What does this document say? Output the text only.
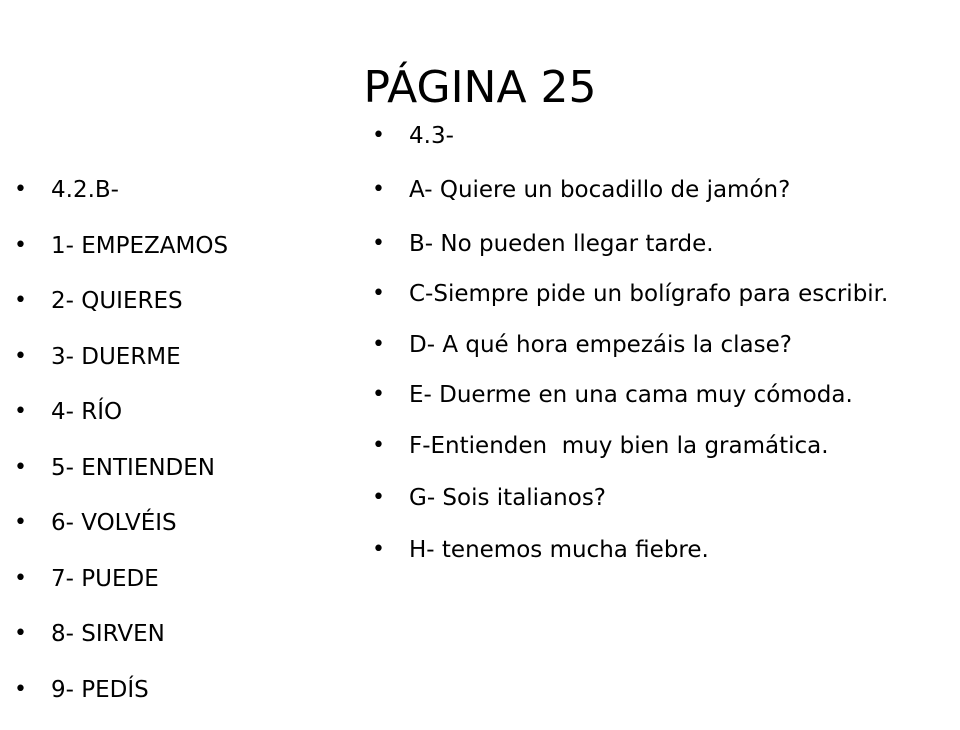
PÁGINA 25
• 4.2.B-
• 1- EMPEZAMOS
• 2- QUIERES
• 3- DUERME
• 4- RÍO
• 5- ENTIENDEN
• 6- VOLVÉIS
• 7- PUEDE
• 8- SIRVEN
• 9- PEDÍS
• 4.3-
• A- Quiere un bocadillo de jamón?
• B- No pueden llegar tarde.
• C-Siempre pide un bolígrafo para escribir.
• D- A qué hora empezáis la clase?
• E- Duerme en una cama muy cómoda.
• F-Entienden  muy bien la gramática.
• G- Sois italianos?
• H- tenemos mucha fiebre.
